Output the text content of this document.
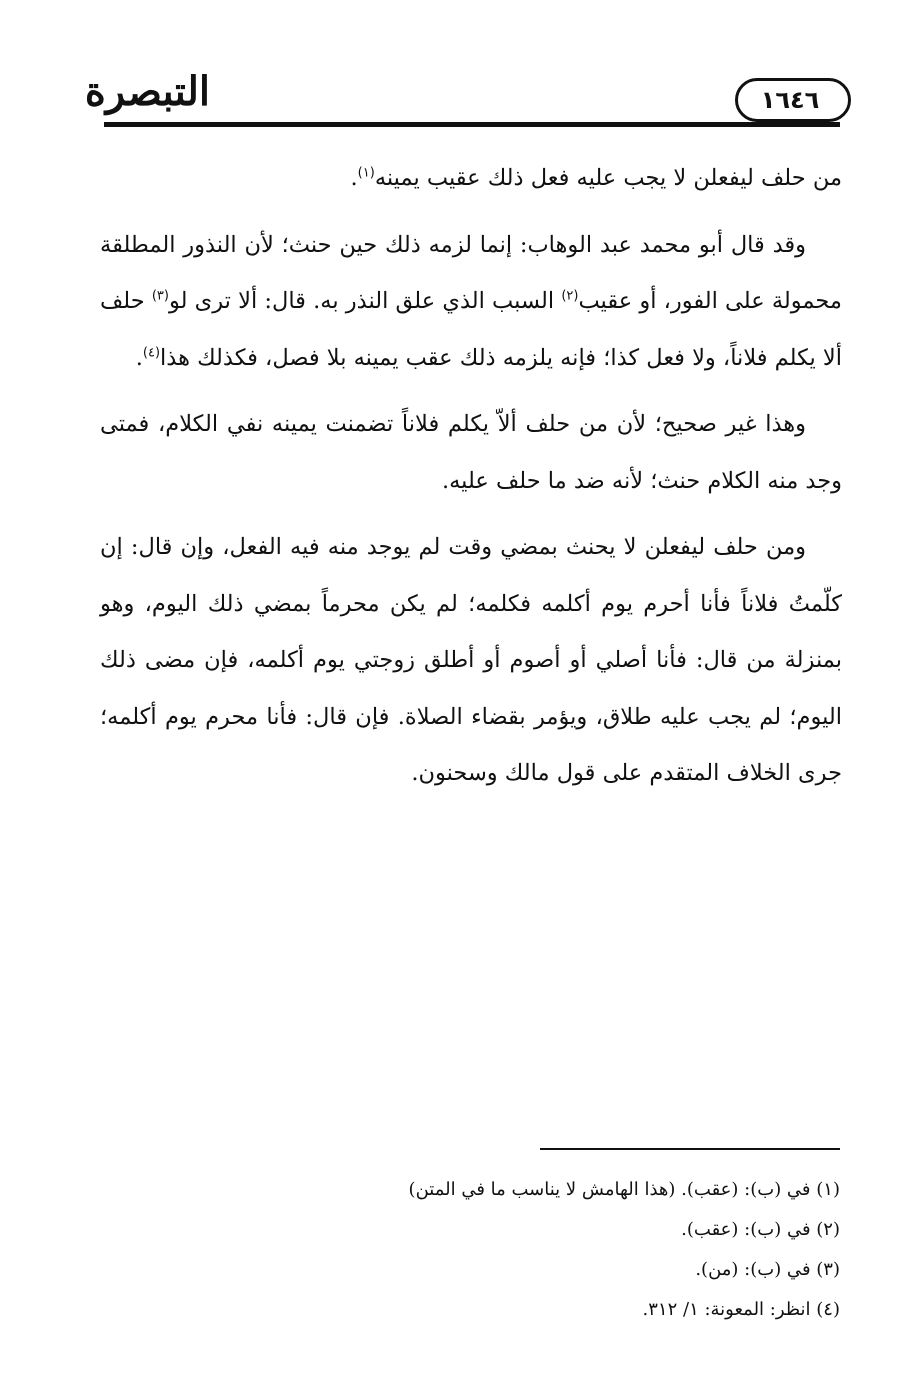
التبصرة	١٦٤٦

من حلف ليفعلن لا يجب عليه فعل ذلك عقيب يمينه$^{(١)}$.

وقد قال أبو محمد عبد الوهاب: إنما لزمه ذلك حين حنث؛ لأن النذور المطلقة محمولة على الفور، أو عقيب$^{(٢)}$ السبب الذي علق النذر به. قال: ألا ترى لو$^{(٣)}$ حلف ألا يكلم فلاناً، ولا فعل كذا؛ فإنه يلزمه ذلك عقب يمينه بلا فصل، فكذلك هذا$^{(٤)}$.

وهذا غير صحيح؛ لأن من حلف ألاّ يكلم فلاناً تضمنت يمينه نفي الكلام، فمتى وجد منه الكلام حنث؛ لأنه ضد ما حلف عليه.

ومن حلف ليفعلن لا يحنث بمضي وقت لم يوجد منه فيه الفعل، وإن قال: إن كلّمتُ فلاناً فأنا أحرم يوم أكلمه فكلمه؛ لم يكن محرماً بمضي ذلك اليوم، وهو بمنزلة من قال: فأنا أصلي أو أصوم أو أطلق زوجتي يوم أكلمه، فإن مضى ذلك اليوم؛ لم يجب عليه طلاق، ويؤمر بقضاء الصلاة. فإن قال: فأنا محرم يوم أكلمه؛ جرى الخلاف المتقدم على قول مالك وسحنون.

(١) في (ب): (عقب). (هذا الهامش لا يناسب ما في المتن)
(٢) في (ب): (عقب).
(٣) في (ب): (من).
(٤) انظر: المعونة: ١/ ٣١٢.
